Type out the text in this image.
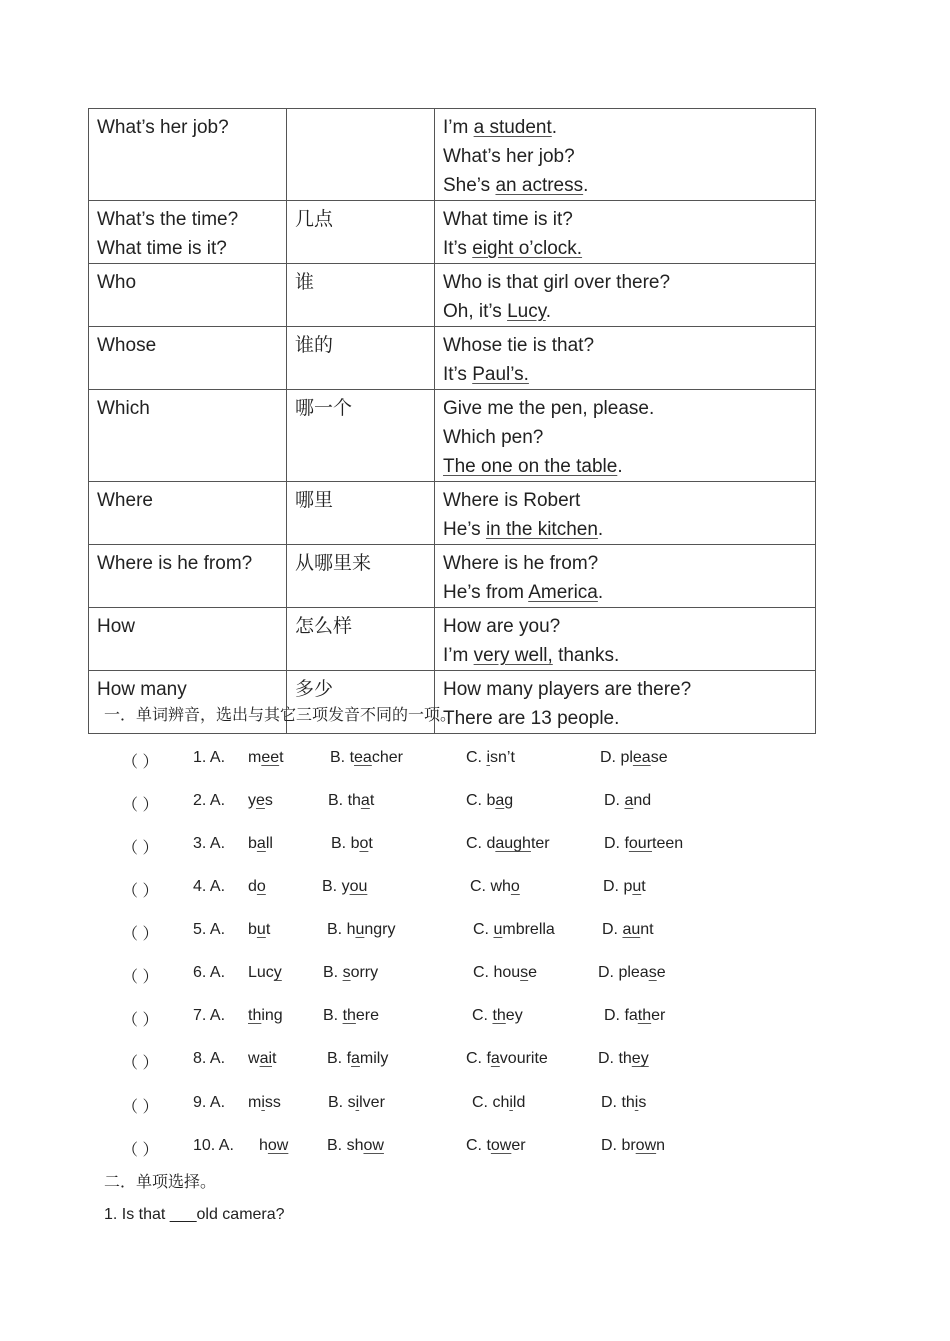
What’s her job?		I’m a student.
What’s her job?
She’s an actress.

What’s the time?
What time is it?	几点	What time is it?
It’s eight o’clock.

Who	谁	Who is that girl over there?
Oh, it’s Lucy.

Whose	谁的	Whose tie is that?
It’s Paul’s.

Which	哪一个	Give me the pen, please.
Which pen?
The one on the table.

Where	哪里	Where is Robert
He’s in the kitchen.

Where is he from?	从哪里来	Where is he from?
He’s from America.

How	怎么样	How are you?
I’m very well, thanks.

How many	多少	How many players are there?
There are 13 people.
一．单词辨音，选出与其它三项发音不同的一项。
（ ） 1. A. meet	B. teacher	C. isn’t	D. please
（ ） 2. A. yes	B. that	C. bag	D. and
（ ） 3. A. ball	B. bot	C. daughter	D. fourteen
（ ） 4. A. do	B. you	C. who	D. put
（ ） 5. A. but	B. hungry	C. umbrella	D. aunt
（ ） 6. A. Lucy	B. sorry	C. house	D. please
（ ） 7. A. thing	B. there	C. they	D. father
（ ） 8. A. wait	B. family	C. favourite	D. they
（ ） 9. A. miss	B. silver	C. child	D. this
（ ） 10. A. how B. show	C. tower	D. brown
二．单项选择。
1. Is that ___old camera?
